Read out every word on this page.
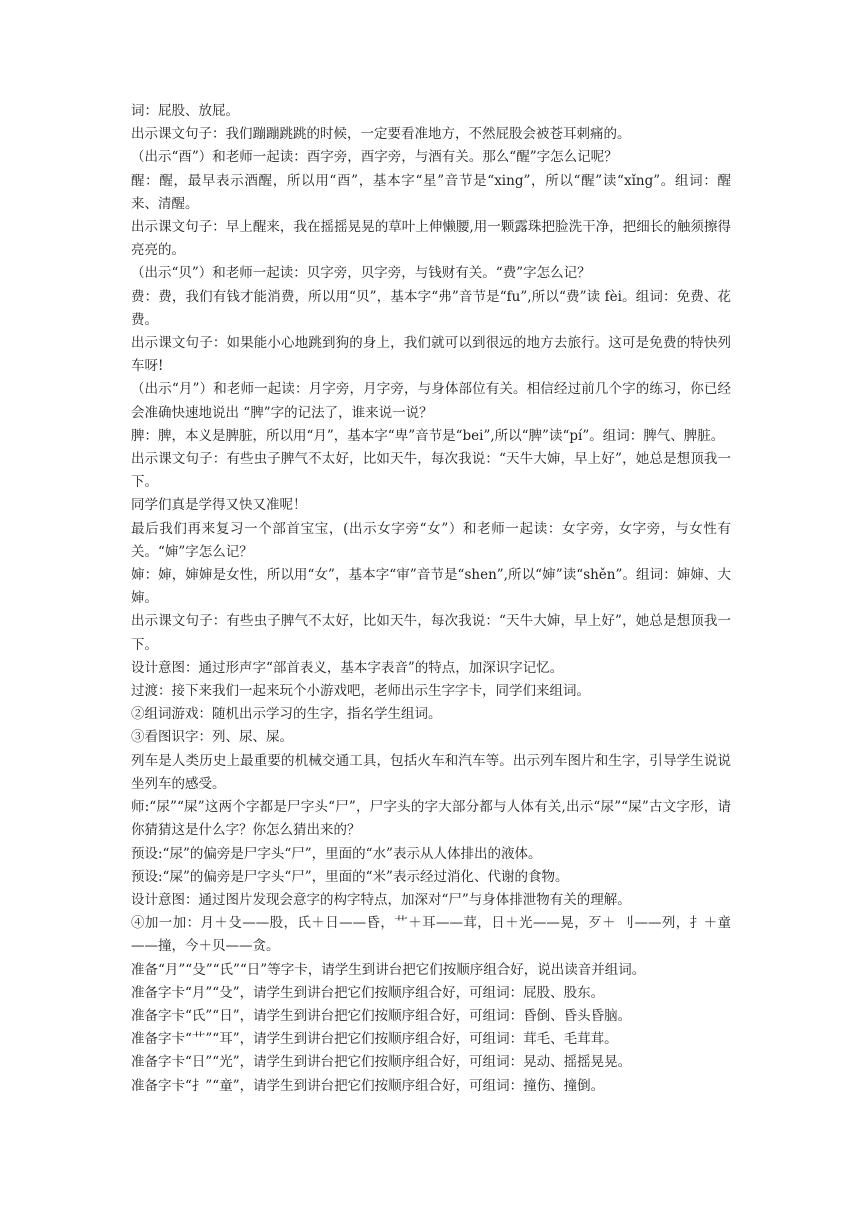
词：屁股、放屁。

出示课文句子：我们蹦蹦跳跳的时候，一定要看准地方，不然屁股会被苍耳刺痛的。

（出示“酉”）和老师一起读：酉字旁，酉字旁，与酒有关。那么“醒”字怎么记呢？

醒：醒，最早表示酒醒，所以用“酉”，基本字“星”音节是“xing”，所以“醒”读“xǐng”。组词：醒来、清醒。

出示课文句子：早上醒来，我在摇摇晃晃的草叶上伸懒腰,用一颗露珠把脸洗干净，把细长的触须擦得亮亮的。

（出示“贝”）和老师一起读：贝字旁，贝字旁，与钱财有关。“费”字怎么记？

费：费，我们有钱才能消费，所以用“贝”，基本字“弗”音节是“fu”,所以“费”读 fèi。组词：免费、花费。

出示课文句子：如果能小心地跳到狗的身上，我们就可以到很远的地方去旅行。这可是免费的特快列车呀!

（出示“月”）和老师一起读：月字旁，月字旁，与身体部位有关。相信经过前几个字的练习，你已经会准确快速地说出 “脾”字的记法了，谁来说一说？

脾：脾，本义是脾脏，所以用“月”，基本字“卑”音节是“bei”,所以“脾”读“pí”。组词：脾气、脾脏。

出示课文句子：有些虫子脾气不太好，比如天牛，每次我说：“天牛大婶，早上好”，她总是想顶我一下。

同学们真是学得又快又准呢！

最后我们再来复习一个部首宝宝，(出示女字旁“女”）和老师一起读：女字旁，女字旁，与女性有关。“婶”字怎么记？

婶：婶，婶婶是女性，所以用“女”，基本字“审”音节是“shen”,所以“婶”读“shěn”。组词：婶婶、大婶。

出示课文句子：有些虫子脾气不太好，比如天牛，每次我说：“天牛大婶，早上好”，她总是想顶我一下。

设计意图：通过形声字“部首表义，基本字表音”的特点，加深识字记忆。

过渡：接下来我们一起来玩个小游戏吧，老师出示生字字卡，同学们来组词。

②组词游戏：随机出示学习的生字，指名学生组词。

③看图识字：列、尿、屎。

列车是人类历史上最重要的机械交通工具，包括火车和汽车等。出示列车图片和生字，引导学生说说坐列车的感受。

师:“尿”“屎”这两个字都是尸字头“尸”，尸字头的字大部分都与人体有关,出示“尿”“屎”古文字形，请你猜猜这是什么字？你怎么猜出来的？

预设:“尿”的偏旁是尸字头“尸”，里面的“水”表示从人体排出的液体。

预设:“屎”的偏旁是尸字头“尸”，里面的“米”表示经过消化、代谢的食物。

设计意图：通过图片发现会意字的构字特点，加深对“尸”与身体排泄物有关的理解。

④加一加：月＋殳——股，氏＋日——昏，艹＋耳——茸，日＋光——晃，歹＋ 刂——列，扌＋童——撞，今＋贝——贪。

准备“月”“殳”“氏”“日”等字卡，请学生到讲台把它们按顺序组合好，说出读音并组词。

准备字卡“月”“殳”，请学生到讲台把它们按顺序组合好，可组词：屁股、股东。

准备字卡“氏”“日”，请学生到讲台把它们按顺序组合好，可组词：昏倒、昏头昏脑。

准备字卡“艹”“耳”，请学生到讲台把它们按顺序组合好，可组词：茸毛、毛茸茸。

准备字卡“日”“光”，请学生到讲台把它们按顺序组合好，可组词：晃动、摇摇晃晃。

准备字卡“扌”“童”，请学生到讲台把它们按顺序组合好，可组词：撞伤、撞倒。
